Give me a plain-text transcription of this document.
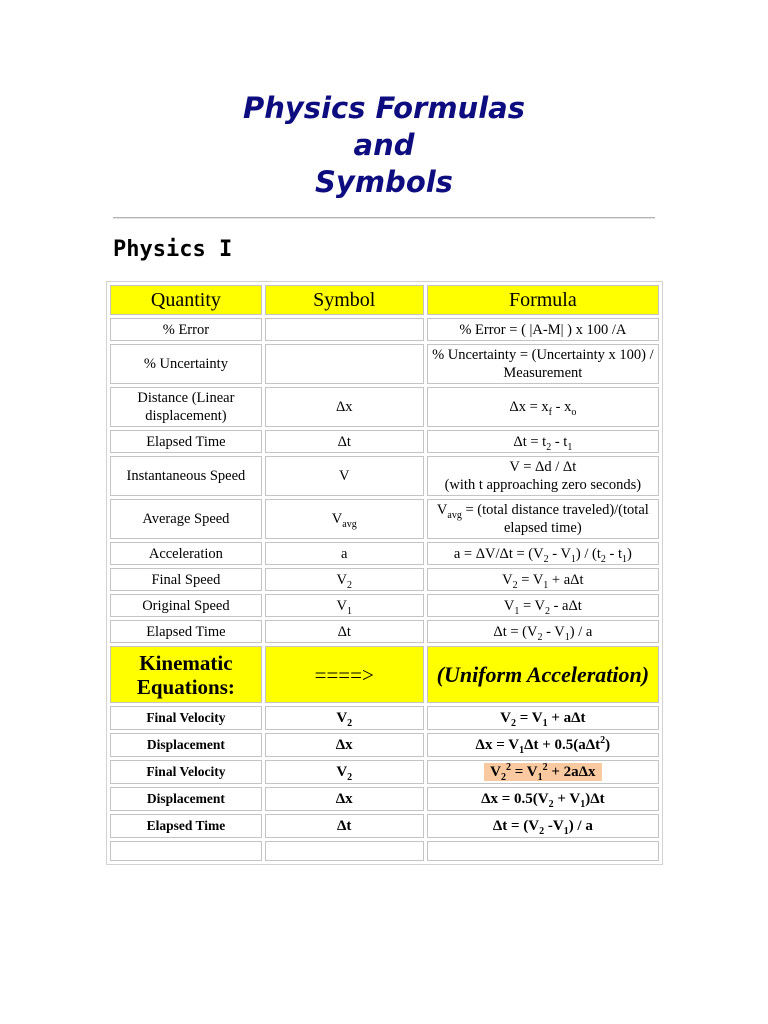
Physics Formulas
and
Symbols
Physics I
Quantity	Symbol	Formula
% Error		% Error = ( |A-M| ) x 100 /A
% Uncertainty		% Uncertainty = (Uncertainty x 100) / Measurement
Distance (Linear displacement)	Δx	$\Delta x = x_f - x_o$
Elapsed Time	Δt	$\Delta t = t_2 - t_1$
Instantaneous Speed	V	V = Δd / Δt
(with t approaching zero seconds)
Average Speed	$V_{avg}$	$V_{avg}$ = (total distance traveled)/(total elapsed time)
Acceleration	a	$a = \Delta V/\Delta t = (V_2 - V_1) / (t_2 - t_1)$
Final Speed	$V_2$	$V_2 = V_1 + a\Delta t$
Original Speed	$V_1$	$V_1 = V_2 - a\Delta t$
Elapsed Time	Δt	$\Delta t = (V_2 - V_1) / a$
Kinematic Equations:	====>	(Uniform Acceleration)
Final Velocity	$V_2$	$V_2 = V_1 + a\Delta t$
Displacement	Δx	$\Delta x = V_1\Delta t + 0.5(a\Delta t^2)$
Final Velocity	$V_2$	$V_2^2 = V_1^2 + 2a\Delta x$
Displacement	Δx	$\Delta x = 0.5(V_2 + V_1)\Delta t$
Elapsed Time	Δt	$\Delta t = (V_2$ $-V_1$) / a
